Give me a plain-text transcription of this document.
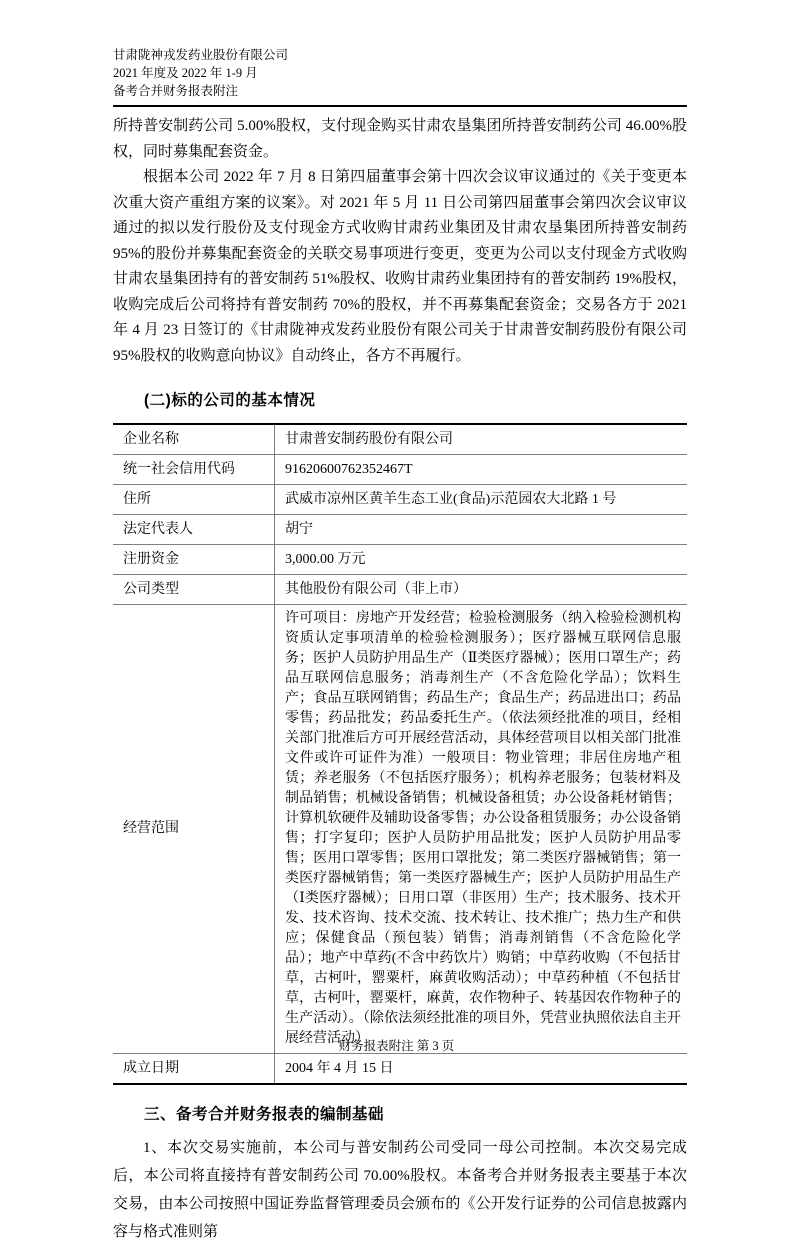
甘肃陇神戎发药业股份有限公司
2021 年度及 2022 年 1-9 月
备考合并财务报表附注

所持普安制药公司 5.00%股权，支付现金购买甘肃农垦集团所持普安制药公司 46.00%股权，同时募集配套资金。

根据本公司 2022 年 7 月 8 日第四届董事会第十四次会议审议通过的《关于变更本次重大资产重组方案的议案》。对 2021 年 5 月 11 日公司第四届董事会第四次会议审议通过的拟以发行股份及支付现金方式收购甘肃药业集团及甘肃农垦集团所持普安制药 95%的股份并募集配套资金的关联交易事项进行变更，变更为公司以支付现金方式收购甘肃农垦集团持有的普安制药 51%股权、收购甘肃药业集团持有的普安制药 19%股权，收购完成后公司将持有普安制药 70%的股权，并不再募集配套资金；交易各方于 2021 年 4 月 23 日签订的《甘肃陇神戎发药业股份有限公司关于甘肃普安制药股份有限公司 95%股权的收购意向协议》自动终止，各方不再履行。

(二)标的公司的基本情况
企业名称	甘肃普安制药股份有限公司
统一社会信用代码	91620600762352467T
住所	武威市凉州区黄羊生态工业(食品)示范园农大北路 1 号
法定代表人	胡宁
注册资金	3,000.00 万元
公司类型	其他股份有限公司（非上市）
经营范围	许可项目：房地产开发经营；检验检测服务（纳入检验检测机构资质认定事项清单的检验检测服务）；医疗器械互联网信息服务；医护人员防护用品生产（Ⅱ类医疗器械）；医用口罩生产；药品互联网信息服务；消毒剂生产（不含危险化学品）；饮料生产；食品互联网销售；药品生产；食品生产；药品进出口；药品零售；药品批发；药品委托生产。（依法须经批准的项目，经相关部门批准后方可开展经营活动，具体经营项目以相关部门批准文件或许可证件为准）一般项目：物业管理；非居住房地产租赁；养老服务（不包括医疗服务）；机构养老服务；包装材料及制品销售；机械设备销售；机械设备租赁；办公设备耗材销售；计算机软硬件及辅助设备零售；办公设备租赁服务；办公设备销售；打字复印；医护人员防护用品批发；医护人员防护用品零售；医用口罩零售；医用口罩批发；第二类医疗器械销售；第一类医疗器械销售；第一类医疗器械生产；医护人员防护用品生产（Ⅰ类医疗器械）；日用口罩（非医用）生产；技术服务、技术开发、技术咨询、技术交流、技术转让、技术推广；热力生产和供应；保健食品（预包装）销售；消毒剂销售（不含危险化学品）；地产中草药(不含中药饮片）购销；中草药收购（不包括甘草，古柯叶，罂粟杆，麻黄收购活动）；中草药种植（不包括甘草，古柯叶，罂粟杆，麻黄，农作物种子、转基因农作物种子的生产活动）。（除依法须经批准的项目外，凭营业执照依法自主开展经营活动）
成立日期	2004 年 4 月 15 日
三、备考合并财务报表的编制基础

1、本次交易实施前，本公司与普安制药公司受同一母公司控制。本次交易完成后，本公司将直接持有普安制药公司 70.00%股权。本备考合并财务报表主要基于本次交易，由本公司按照中国证券监督管理委员会颁布的《公开发行证券的公司信息披露内容与格式准则第

财务报表附注 第 3 页
